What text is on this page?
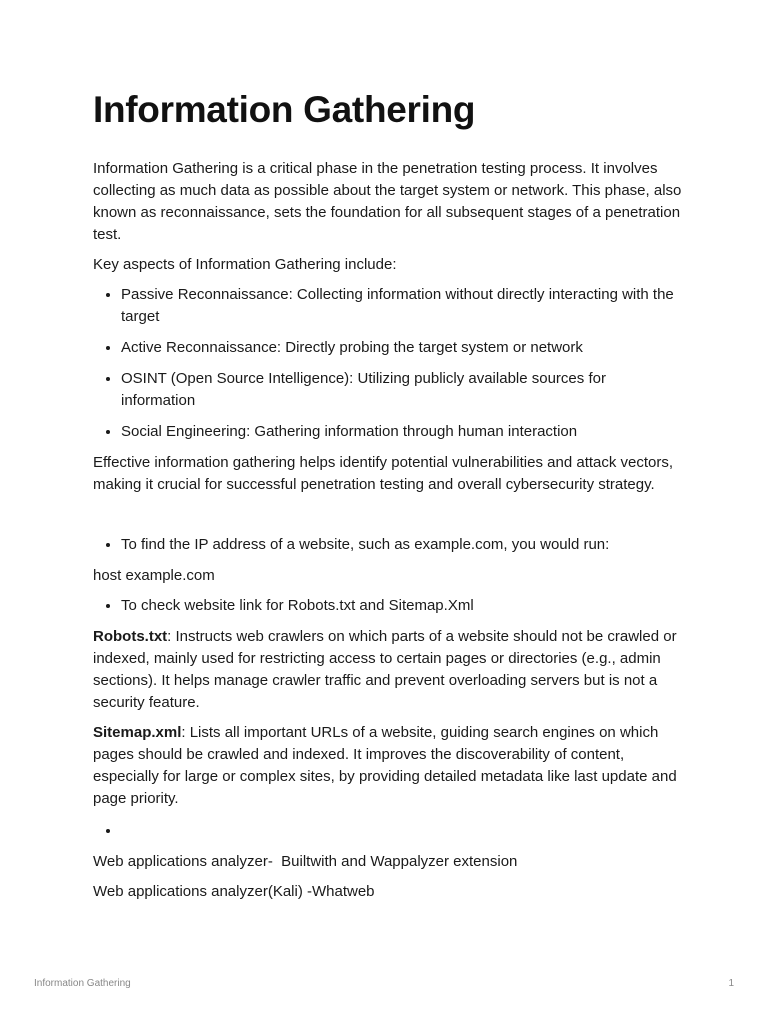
Information Gathering

Information Gathering is a critical phase in the penetration testing process. It involves collecting as much data as possible about the target system or network. This phase, also known as reconnaissance, sets the foundation for all subsequent stages of a penetration test.

Key aspects of Information Gathering include:

• Passive Reconnaissance: Collecting information without directly interacting with the target
• Active Reconnaissance: Directly probing the target system or network
• OSINT (Open Source Intelligence): Utilizing publicly available sources for information
• Social Engineering: Gathering information through human interaction

Effective information gathering helps identify potential vulnerabilities and attack vectors, making it crucial for successful penetration testing and overall cybersecurity strategy.

• To find the IP address of a website, such as example.com, you would run:

host example.com

• To check website link for Robots.txt and Sitemap.Xml

Robots.txt: Instructs web crawlers on which parts of a website should not be crawled or indexed, mainly used for restricting access to certain pages or directories (e.g., admin sections). It helps manage crawler traffic and prevent overloading servers but is not a security feature.

Sitemap.xml: Lists all important URLs of a website, guiding search engines on which pages should be crawled and indexed. It improves the discoverability of content, especially for large or complex sites, by providing detailed metadata like last update and page priority.

•

Web applications analyzer-  Builtwith and Wappalyzer extension

Web applications analyzer(Kali) -Whatweb

Information Gathering	1
